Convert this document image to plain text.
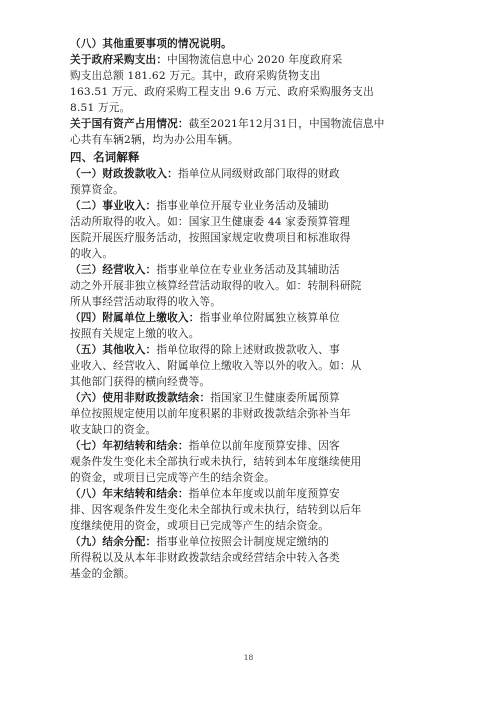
（八）其他重要事项的情况说明。
关于政府采购支出：中国物流信息中心 2020 年度政府采
购支出总额 181.62 万元。其中，政府采购货物支出
163.51 万元、政府采购工程支出 9.6 万元、政府采购服务支出
8.51 万元。
关于国有资产占用情况：截至2021年12月31日，中国物流信息中
心共有车辆2辆，均为办公用车辆。
四、名词解释
（一）财政拨款收入：指单位从同级财政部门取得的财政
预算资金。
（二）事业收入：指事业单位开展专业业务活动及辅助
活动所取得的收入。如：国家卫生健康委 44 家委预算管理
医院开展医疗服务活动，按照国家规定收费项目和标准取得
的收入。
（三）经营收入：指事业单位在专业业务活动及其辅助活
动之外开展非独立核算经营活动取得的收入。如：转制科研院
所从事经营活动取得的收入等。
（四）附属单位上缴收入：指事业单位附属独立核算单位
按照有关规定上缴的收入。
（五）其他收入：指单位取得的除上述财政拨款收入、事
业收入、经营收入、附属单位上缴收入等以外的收入。如：从
其他部门获得的横向经费等。
（六）使用非财政拨款结余：指国家卫生健康委所属预算
单位按照规定使用以前年度积累的非财政拨款结余弥补当年
收支缺口的资金。
（七）年初结转和结余：指单位以前年度预算安排、因客
观条件发生变化未全部执行或未执行，结转到本年度继续使用
的资金，或项目已完成等产生的结余资金。
（八）年末结转和结余：指单位本年度或以前年度预算安
排、因客观条件发生变化未全部执行或未执行，结转到以后年
度继续使用的资金，或项目已完成等产生的结余资金。
（九）结余分配：指事业单位按照会计制度规定缴纳的
所得税以及从本年非财政拨款结余或经营结余中转入各类
基金的金额。
18
